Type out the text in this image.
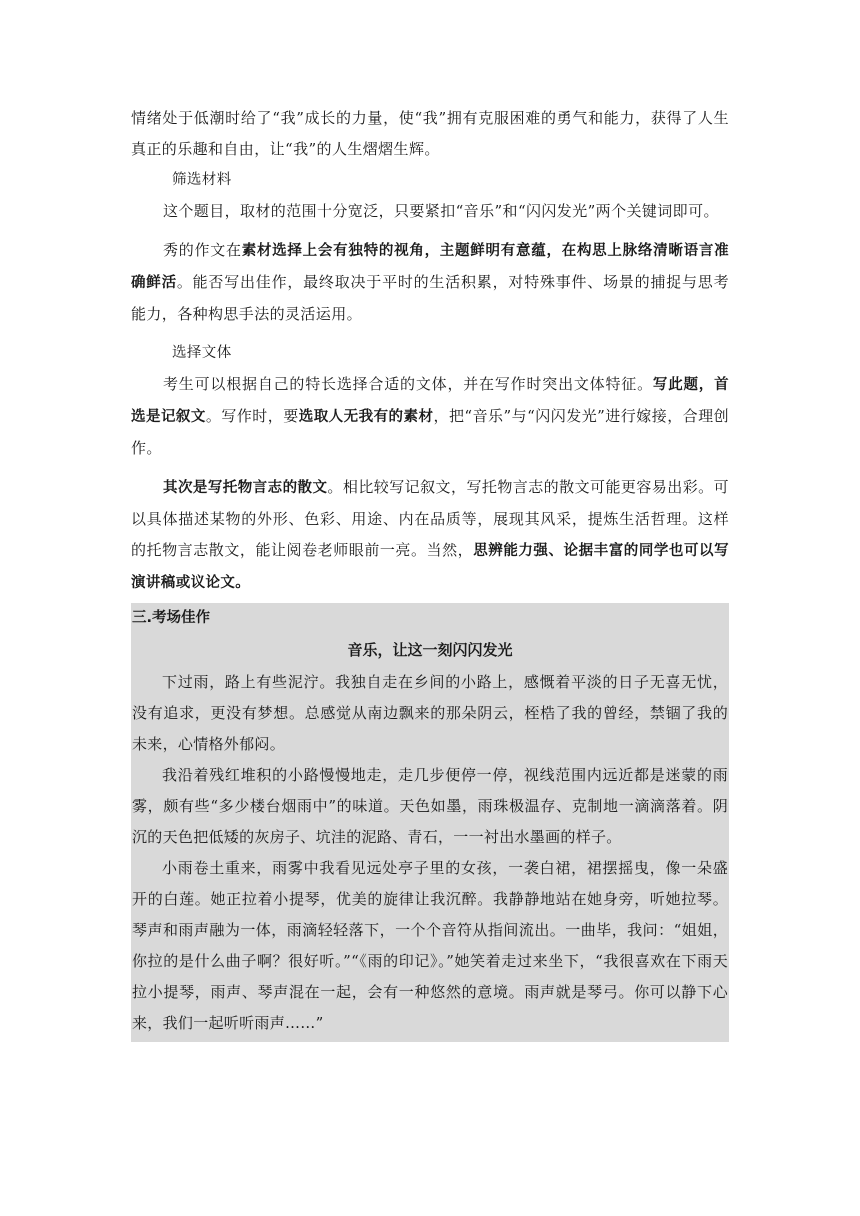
情绪处于低潮时给了“我”成长的力量，使“我”拥有克服困难的勇气和能力，获得了人生真正的乐趣和自由，让“我”的人生熠熠生辉。

筛选材料

这个题目，取材的范围十分宽泛，只要紧扣“音乐”和“闪闪发光”两个关键词即可。

秀的作文在素材选择上会有独特的视角，主题鲜明有意蕴，在构思上脉络清晰语言准确鲜活。能否写出佳作，最终取决于平时的生活积累，对特殊事件、场景的捕捉与思考能力，各种构思手法的灵活运用。

选择文体

考生可以根据自己的特长选择合适的文体，并在写作时突出文体特征。写此题，首选是记叙文。写作时，要选取人无我有的素材，把“音乐”与“闪闪发光”进行嫁接，合理创作。

其次是写托物言志的散文。相比较写记叙文，写托物言志的散文可能更容易出彩。可以具体描述某物的外形、色彩、用途、内在品质等，展现其风采，提炼生活哲理。这样的托物言志散文，能让阅卷老师眼前一亮。当然，思辨能力强、论据丰富的同学也可以写演讲稿或议论文。

三.考场佳作
音乐，让这一刻闪闪发光

下过雨，路上有些泥泞。我独自走在乡间的小路上，感慨着平淡的日子无喜无忧，没有追求，更没有梦想。总感觉从南边飘来的那朵阴云，桎梏了我的曾经，禁锢了我的未来，心情格外郁闷。

我沿着残红堆积的小路慢慢地走，走几步便停一停，视线范围内远近都是迷蒙的雨雾，颇有些“多少楼台烟雨中”的味道。天色如墨，雨珠极温存、克制地一滴滴落着。阴沉的天色把低矮的灰房子、坑洼的泥路、青石，一一衬出水墨画的样子。

小雨卷土重来，雨雾中我看见远处亭子里的女孩，一袭白裙，裙摆摇曳，像一朵盛开的白莲。她正拉着小提琴，优美的旋律让我沉醉。我静静地站在她身旁，听她拉琴。琴声和雨声融为一体，雨滴轻轻落下，一个个音符从指间流出。一曲毕，我问：“姐姐，你拉的是什么曲子啊？很好听。”“《雨的印记》。”她笑着走过来坐下，“我很喜欢在下雨天拉小提琴，雨声、琴声混在一起，会有一种悠然的意境。雨声就是琴弓。你可以静下心来，我们一起听听雨声……”
